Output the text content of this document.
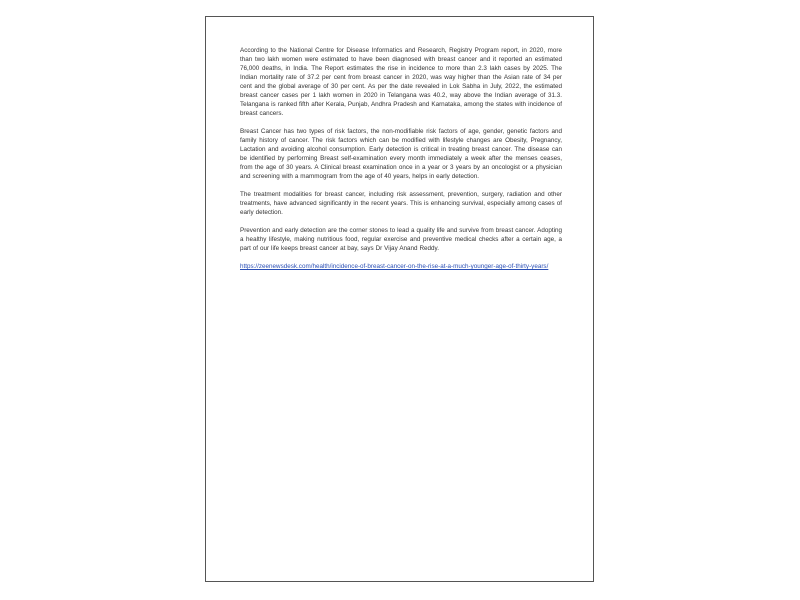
According to the National Centre for Disease Informatics and Research, Registry Program report, in 2020, more than two lakh women were estimated to have been diagnosed with breast cancer and it reported an estimated 76,000 deaths, in India. The Report estimates the rise in incidence to more than 2.3 lakh cases by 2025. The Indian mortality rate of 37.2 per cent from breast cancer in 2020, was way higher than the Asian rate of 34 per cent and the global average of 30 per cent. As per the date revealed in Lok Sabha in July, 2022, the estimated breast cancer cases per 1 lakh women in 2020 in Telangana was 40.2, way above the Indian average of 31.3. Telangana is ranked fifth after Kerala, Punjab, Andhra Pradesh and Karnataka, among the states with incidence of breast cancers.

Breast Cancer has two types of risk factors, the non-modifiable risk factors of age, gender, genetic factors and family history of cancer. The risk factors which can be modified with lifestyle changes are Obesity, Pregnancy, Lactation and avoiding alcohol consumption. Early detection is critical in treating breast cancer. The disease can be identified by performing Breast self-examination every month immediately a week after the menses ceases, from the age of 30 years. A Clinical breast examination once in a year or 3 years by an oncologist or a physician and screening with a mammogram from the age of 40 years, helps in early detection.

The treatment modalities for breast cancer, including risk assessment, prevention, surgery, radiation and other treatments, have advanced significantly in the recent years. This is enhancing survival, especially among cases of early detection.

Prevention and early detection are the corner stones to lead a quality life and survive from breast cancer. Adopting a healthy lifestyle, making nutritious food, regular exercise and preventive medical checks after a certain age, a part of our life keeps breast cancer at bay, says Dr Vijay Anand Reddy.

https://zeenewsdesk.com/health/incidence-of-breast-cancer-on-the-rise-at-a-much-younger-age-of-thirty-years/
